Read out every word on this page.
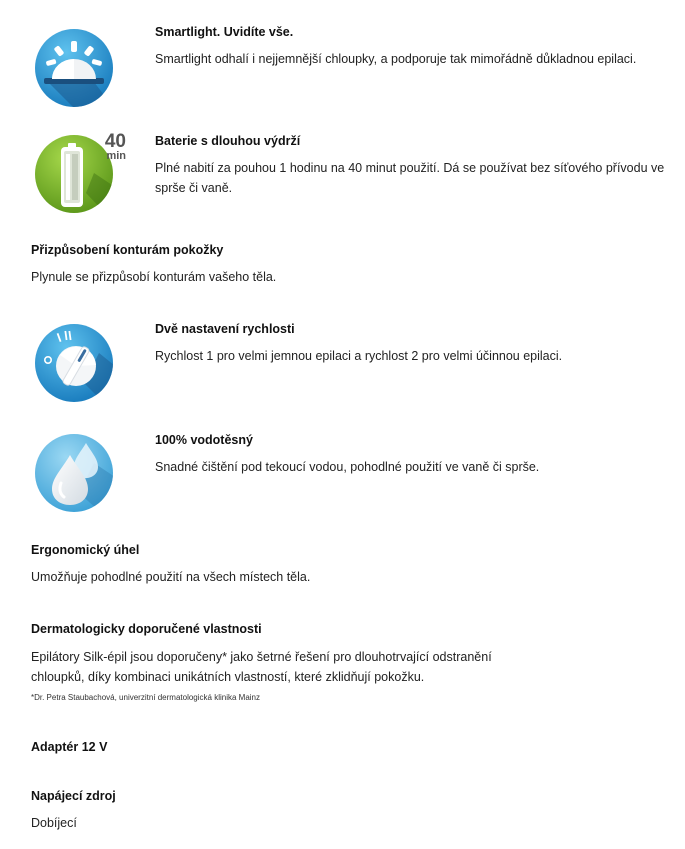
Smartlight. Uvidíte vše.
Smartlight odhalí i nejjemnější chloupky, a podporuje tak mimořádně důkladnou epilaci.
40
min
Baterie s dlouhou výdrží
Plné nabití za pouhou 1 hodinu na 40 minut použití. Dá se používat bez síťového přívodu ve sprše či vaně.
Přizpůsobení konturám pokožky
Plynule se přizpůsobí konturám vašeho těla.
Dvě nastavení rychlosti
Rychlost 1 pro velmi jemnou epilaci a rychlost 2 pro velmi účinnou epilaci.
100% vodotěsný
Snadné čištění pod tekoucí vodou, pohodlné použití ve vaně či sprše.
Ergonomický úhel
Umožňuje pohodlné použití na všech místech těla.
Dermatologicky doporučené vlastnosti
Epilátory Silk-épil jsou doporučeny* jako šetrné řešení pro dlouhotrvající odstranění
chloupků, díky kombinaci unikátních vlastností, které zklidňují pokožku.
*Dr. Petra Staubachová, univerzitní dermatologická klinika Mainz
Adaptér 12 V
Napájecí zdroj
Dobíjecí
